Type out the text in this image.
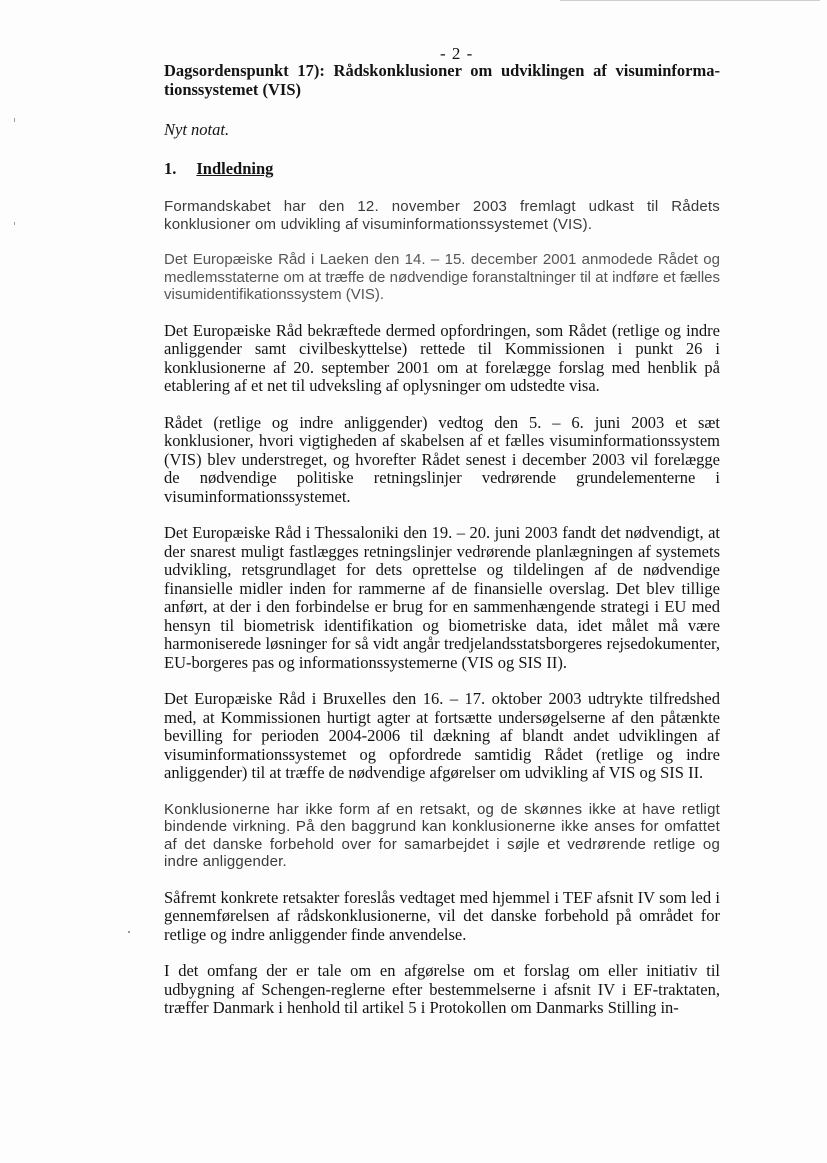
- 2 -
Dagsordenspunkt 17): Rådskonklusioner om udviklingen af visuminformationssystemet (VIS)
Nyt notat.
1. Indledning

Formandskabet har den 12. november 2003 fremlagt udkast til Rådets konklusioner om udvikling af visuminformationssystemet (VIS).

Det Europæiske Råd i Laeken den 14. – 15. december 2001 anmodede Rådet og medlemsstaterne om at træffe de nødvendige foranstaltninger til at indføre et fælles visumidentifikationssystem (VIS).

Det Europæiske Råd bekræftede dermed opfordringen, som Rådet (retlige og indre anliggender samt civilbeskyttelse) rettede til Kommissionen i punkt 26 i konklusionerne af 20. september 2001 om at forelægge forslag med henblik på etablering af et net til udveksling af oplysninger om udstedte visa.

Rådet (retlige og indre anliggender) vedtog den 5. – 6. juni 2003 et sæt konklusioner, hvori vigtigheden af skabelsen af et fælles visuminformationssystem (VIS) blev understreget, og hvorefter Rådet senest i december 2003 vil forelægge de nødvendige politiske retningslinjer vedrørende grundelementerne i visuminformationssystemet.

Det Europæiske Råd i Thessaloniki den 19. – 20. juni 2003 fandt det nødvendigt, at der snarest muligt fastlægges retningslinjer vedrørende planlægningen af systemets udvikling, retsgrundlaget for dets oprettelse og tildelingen af de nødvendige finansielle midler inden for rammerne af de finansielle overslag. Det blev tillige anført, at der i den forbindelse er brug for en sammenhængende strategi i EU med hensyn til biometrisk identifikation og biometriske data, idet målet må være harmoniserede løsninger for så vidt angår tredjelandsstatsborgeres rejsedokumenter, EU-borgeres pas og informationssystemerne (VIS og SIS II).

Det Europæiske Råd i Bruxelles den 16. – 17. oktober 2003 udtrykte tilfredshed med, at Kommissionen hurtigt agter at fortsætte undersøgelserne af den påtænkte bevilling for perioden 2004-2006 til dækning af blandt andet udviklingen af visuminformationssystemet og opfordrede samtidig Rådet (retlige og indre anliggender) til at træffe de nødvendige afgørelser om udvikling af VIS og SIS II.

Konklusionerne har ikke form af en retsakt, og de skønnes ikke at have retligt bindende virkning. På den baggrund kan konklusionerne ikke anses for omfattet af det danske forbehold over for samarbejdet i søjle et vedrørende retlige og indre anliggender.

Såfremt konkrete retsakter foreslås vedtaget med hjemmel i TEF afsnit IV som led i gennemførelsen af rådskonklusionerne, vil det danske forbehold på området for retlige og indre anliggender finde anvendelse.

I det omfang der er tale om en afgørelse om et forslag om eller initiativ til udbygning af Schengen-reglerne efter bestemmelserne i afsnit IV i EF-traktaten, træffer Danmark i henhold til artikel 5 i Protokollen om Danmarks Stilling in-
